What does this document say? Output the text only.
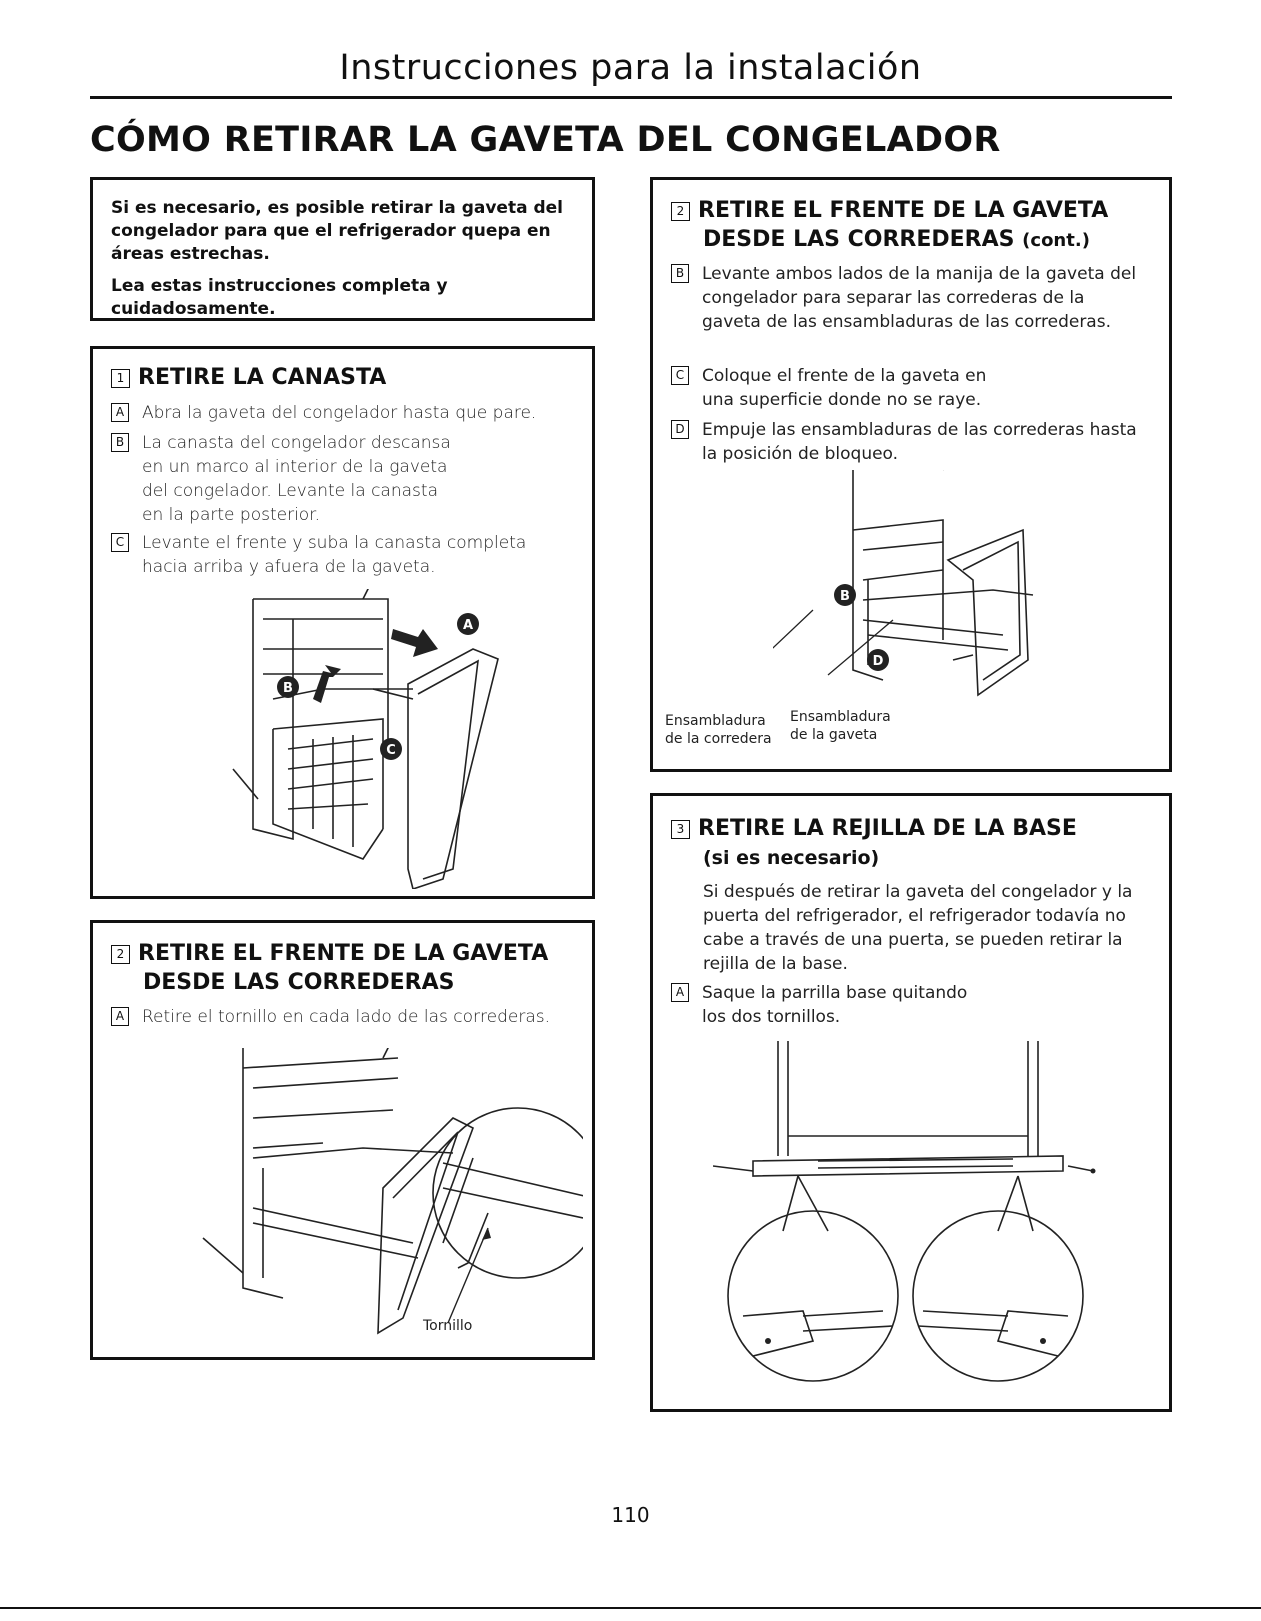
Instrucciones para la instalación
CÓMO RETIRAR LA GAVETA DEL CONGELADOR
Si es necesario, es posible retirar la gaveta del congelador para que el refrigerador quepa en áreas estrechas.
Lea estas instrucciones completa y cuidadosamente.
1 RETIRE LA CANASTA
A Abra la gaveta del congelador hasta que pare.
B La canasta del congelador descansa en un marco al interior de la gaveta del congelador. Levante la canasta en la parte posterior.
C Levante el frente y suba la canasta completa hacia arriba y afuera de la gaveta.
A
B
C
2 RETIRE EL FRENTE DE LA GAVETA
DESDE LAS CORREDERAS
A Retire el tornillo en cada lado de las correderas.
Tornillo
2 RETIRE EL FRENTE DE LA GAVETA
DESDE LAS CORREDERAS (cont.)
B Levante ambos lados de la manija de la gaveta del congelador para separar las correderas de la gaveta de las ensambladuras de las correderas.
C Coloque el frente de la gaveta en una superficie donde no se raye.
D Empuje las ensambladuras de las correderas hasta la posición de bloqueo.
B
D
Ensambladura
de la corredera
Ensambladura
de la gaveta
3 RETIRE LA REJILLA DE LA BASE
(si es necesario)
Si después de retirar la gaveta del congelador y la puerta del refrigerador, el refrigerador todavía no cabe a través de una puerta, se pueden retirar la rejilla de la base.
A Saque la parrilla base quitando los dos tornillos.
110
